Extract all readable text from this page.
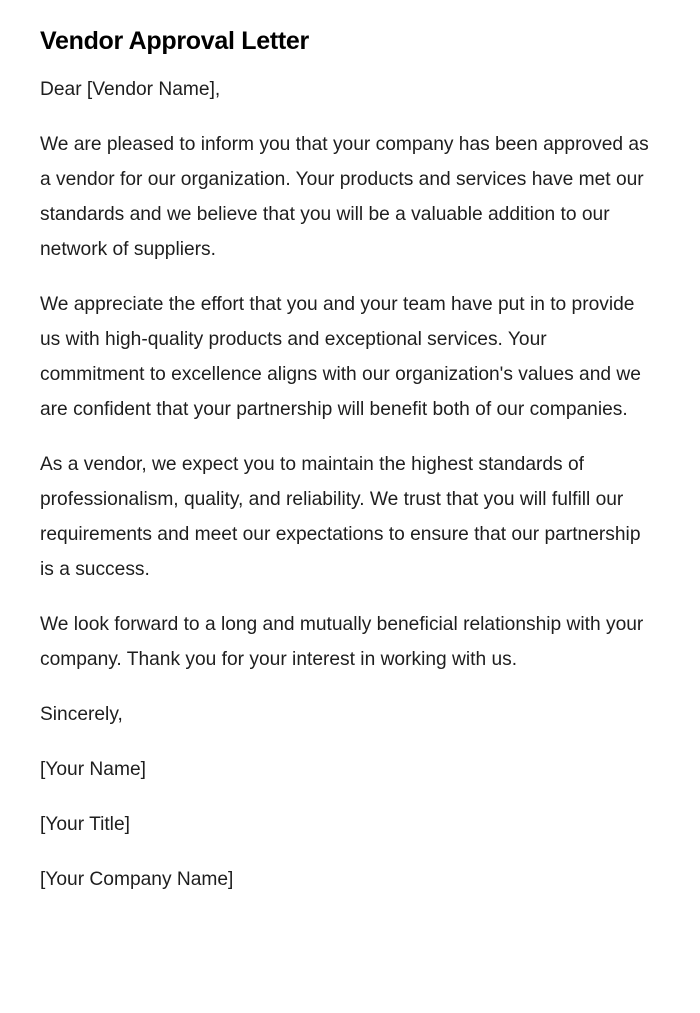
Vendor Approval Letter

Dear [Vendor Name],

We are pleased to inform you that your company has been approved as a vendor for our organization. Your products and services have met our standards and we believe that you will be a valuable addition to our network of suppliers.

We appreciate the effort that you and your team have put in to provide us with high-quality products and exceptional services. Your commitment to excellence aligns with our organization's values and we are confident that your partnership will benefit both of our companies.

As a vendor, we expect you to maintain the highest standards of professionalism, quality, and reliability. We trust that you will fulfill our requirements and meet our expectations to ensure that our partnership is a success.

We look forward to a long and mutually beneficial relationship with your company. Thank you for your interest in working with us.

Sincerely,

[Your Name]

[Your Title]

[Your Company Name]
